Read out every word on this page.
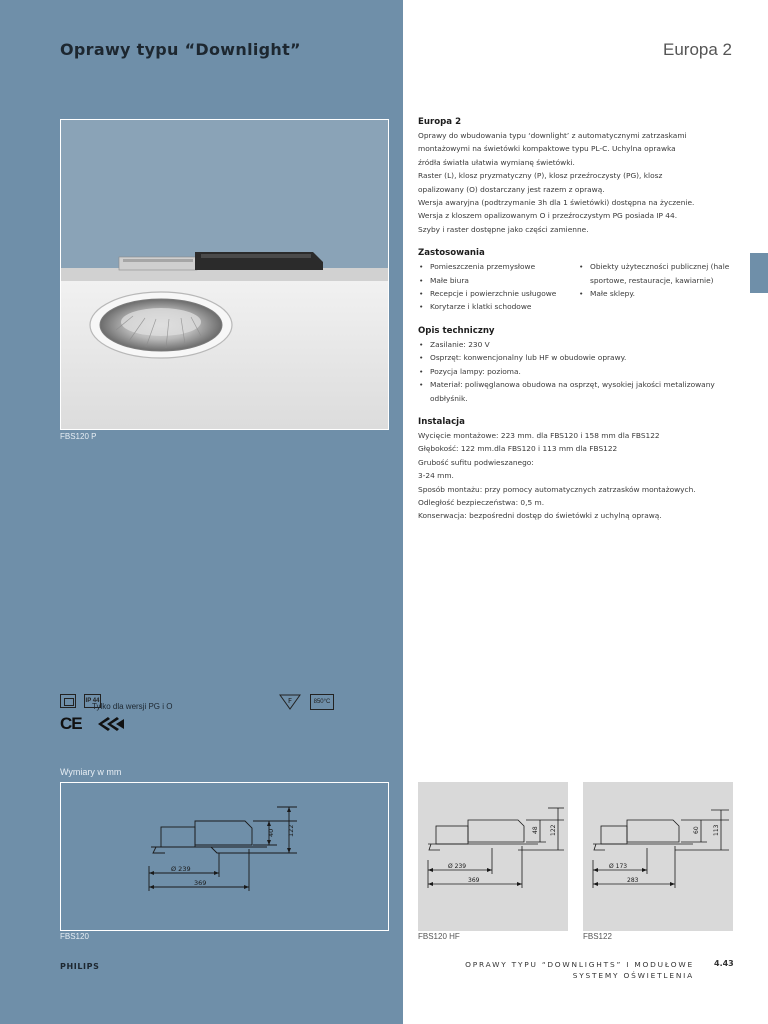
Oprawy typu “Downlight”	Europa 2
FBS120 P
IP 44
Tylko dla wersji PG i O
F	850°C
CE
Wymiary w mm
Ø 239
369
40 122
FBS120
Ø 239
369
48 122
FBS120 HF
Ø 173
283
60 113
FBS122
Europa 2

Oprawy do wbudowania typu ‘downlight’ z automatycznymi zatrzaskami

montażowymi na świetówki kompaktowe typu PL-C. Uchylna oprawka

źródła światła ułatwia wymianę świetówki.

Raster (L), klosz pryzmatyczny (P), klosz przeźroczysty (PG), klosz

opalizowany (O) dostarczany jest razem z oprawą.

Wersja awaryjna (podtrzymanie 3h dla 1 świetówki) dostępna na życzenie.

Wersja z kloszem opalizowanym O i przeźroczystym PG posiada IP 44.

Szyby i raster dostępne jako części zamienne.

Zastosowania
• Pomieszczenia przemysłowe
• Małe biura
• Recepcje i powierzchnie usługowe
• Korytarze i klatki schodowe
• Obiekty użyteczności publicznej (hale sportowe, restauracje, kawiarnie)
• Małe sklepy.
Opis techniczny
• Zasilanie: 230 V
• Osprzęt: konwencjonalny lub HF w obudowie oprawy.
• Pozycja lampy: pozioma.
• Materiał: poliwęglanowa obudowa na osprzęt, wysokiej jakości metalizowany odbłyśnik.
Instalacja

Wycięcie montażowe: 223 mm. dla FBS120 i 158 mm dla FBS122

Głębokość: 122 mm.dla FBS120 i 113 mm dla FBS122

Grubość sufitu podwieszanego:

3-24 mm.

Sposób montażu: przy pomocy automatycznych zatrzasków montażowych.

Odległość bezpieczeństwa: 0,5 m.

Konserwacja: bezpośredni dostęp do świetówki z uchylną oprawą.

PHILIPS	OPRAWY TYPU “DOWNLIGHTS” I MODUŁOWE
SYSTEMY OŚWIETLENIA
4.43
